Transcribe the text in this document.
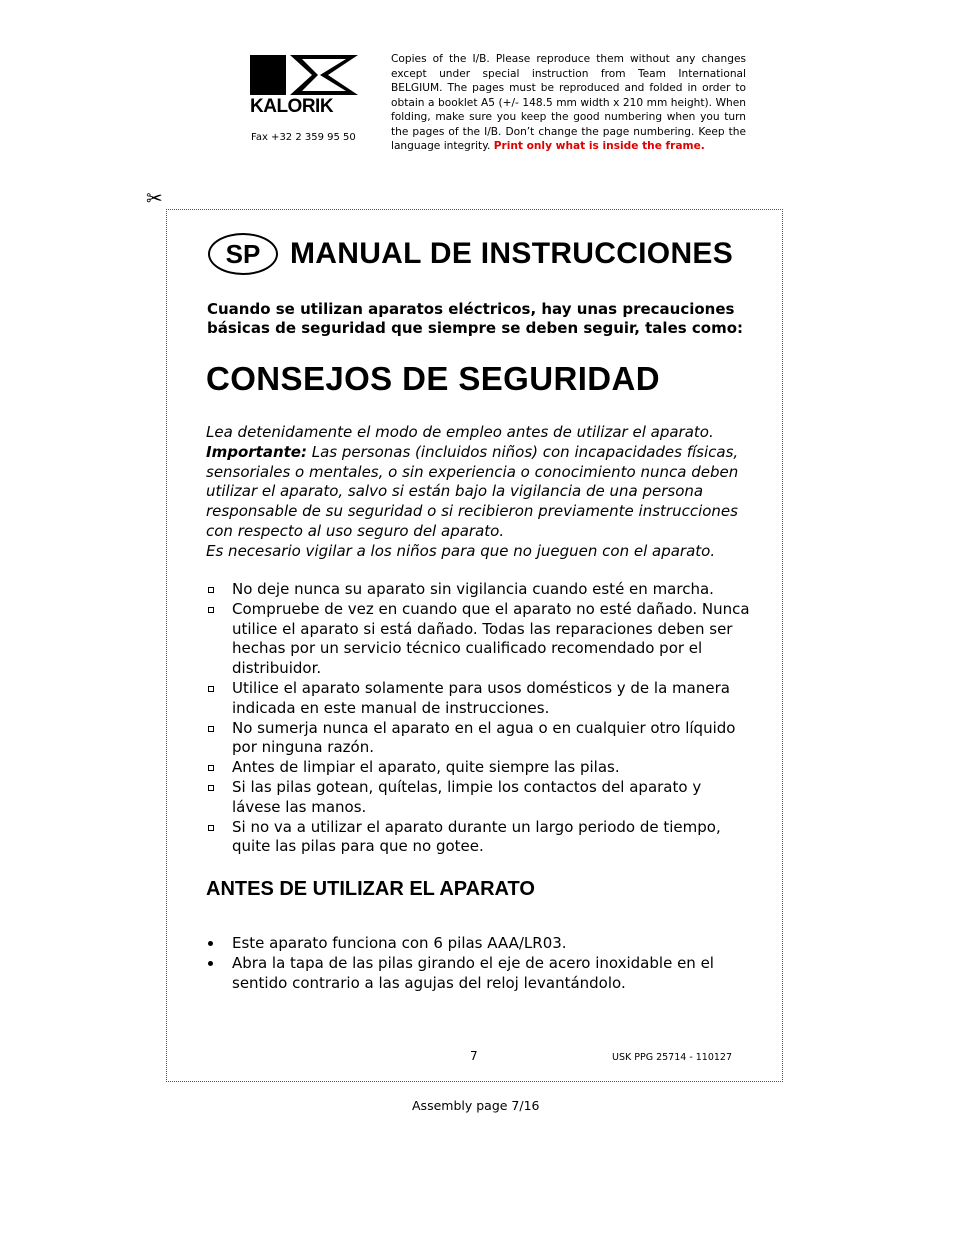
KALORIK
Fax +32 2 359 95 50
Copies of the I/B. Please reproduce them without any changes except under special instruction from Team International BELGIUM. The pages must be reproduced and folded in order to obtain a booklet A5 (+/- 148.5 mm width x 210 mm height). When folding, make sure you keep the good numbering when you turn the pages of the I/B. Don’t change the page numbering. Keep the language integrity. Print only what is inside the frame.
✂
SP MANUAL DE INSTRUCCIONES
Cuando se utilizan aparatos eléctricos, hay unas precauciones básicas de seguridad que siempre se deben seguir, tales como:
CONSEJOS DE SEGURIDAD

Lea detenidamente el modo de empleo antes de utilizar el aparato.

Importante: Las personas (incluidos niños) con incapacidades físicas, sensoriales o mentales, o sin experiencia o conocimiento nunca deben utilizar el aparato, salvo si están bajo la vigilancia de una persona responsable de su seguridad o si recibieron previamente instrucciones con respecto al uso seguro del aparato.

Es necesario vigilar a los niños para que no jueguen con el aparato.

No deje nunca su aparato sin vigilancia cuando esté en marcha.
Compruebe de vez en cuando que el aparato no esté dañado. Nunca utilice el aparato si está dañado. Todas las reparaciones deben ser hechas por un servicio técnico cualificado recomendado por el distribuidor.
Utilice el aparato solamente para usos domésticos y de la manera indicada en este manual de instrucciones.
No sumerja nunca el aparato en el agua o en cualquier otro líquido por ninguna razón.
Antes de limpiar el aparato, quite siempre las pilas.
Si las pilas gotean, quítelas, limpie los contactos del aparato y lávese las manos.
Si no va a utilizar el aparato durante un largo periodo de tiempo, quite las pilas para que no gotee.
ANTES DE UTILIZAR EL APARATO
Este aparato funciona con 6 pilas AAA/LR03.
Abra la tapa de las pilas girando el eje de acero inoxidable en el sentido contrario a las agujas del reloj levantándolo.
7	USK PPG 25714 - 110127
Assembly page 7/16
